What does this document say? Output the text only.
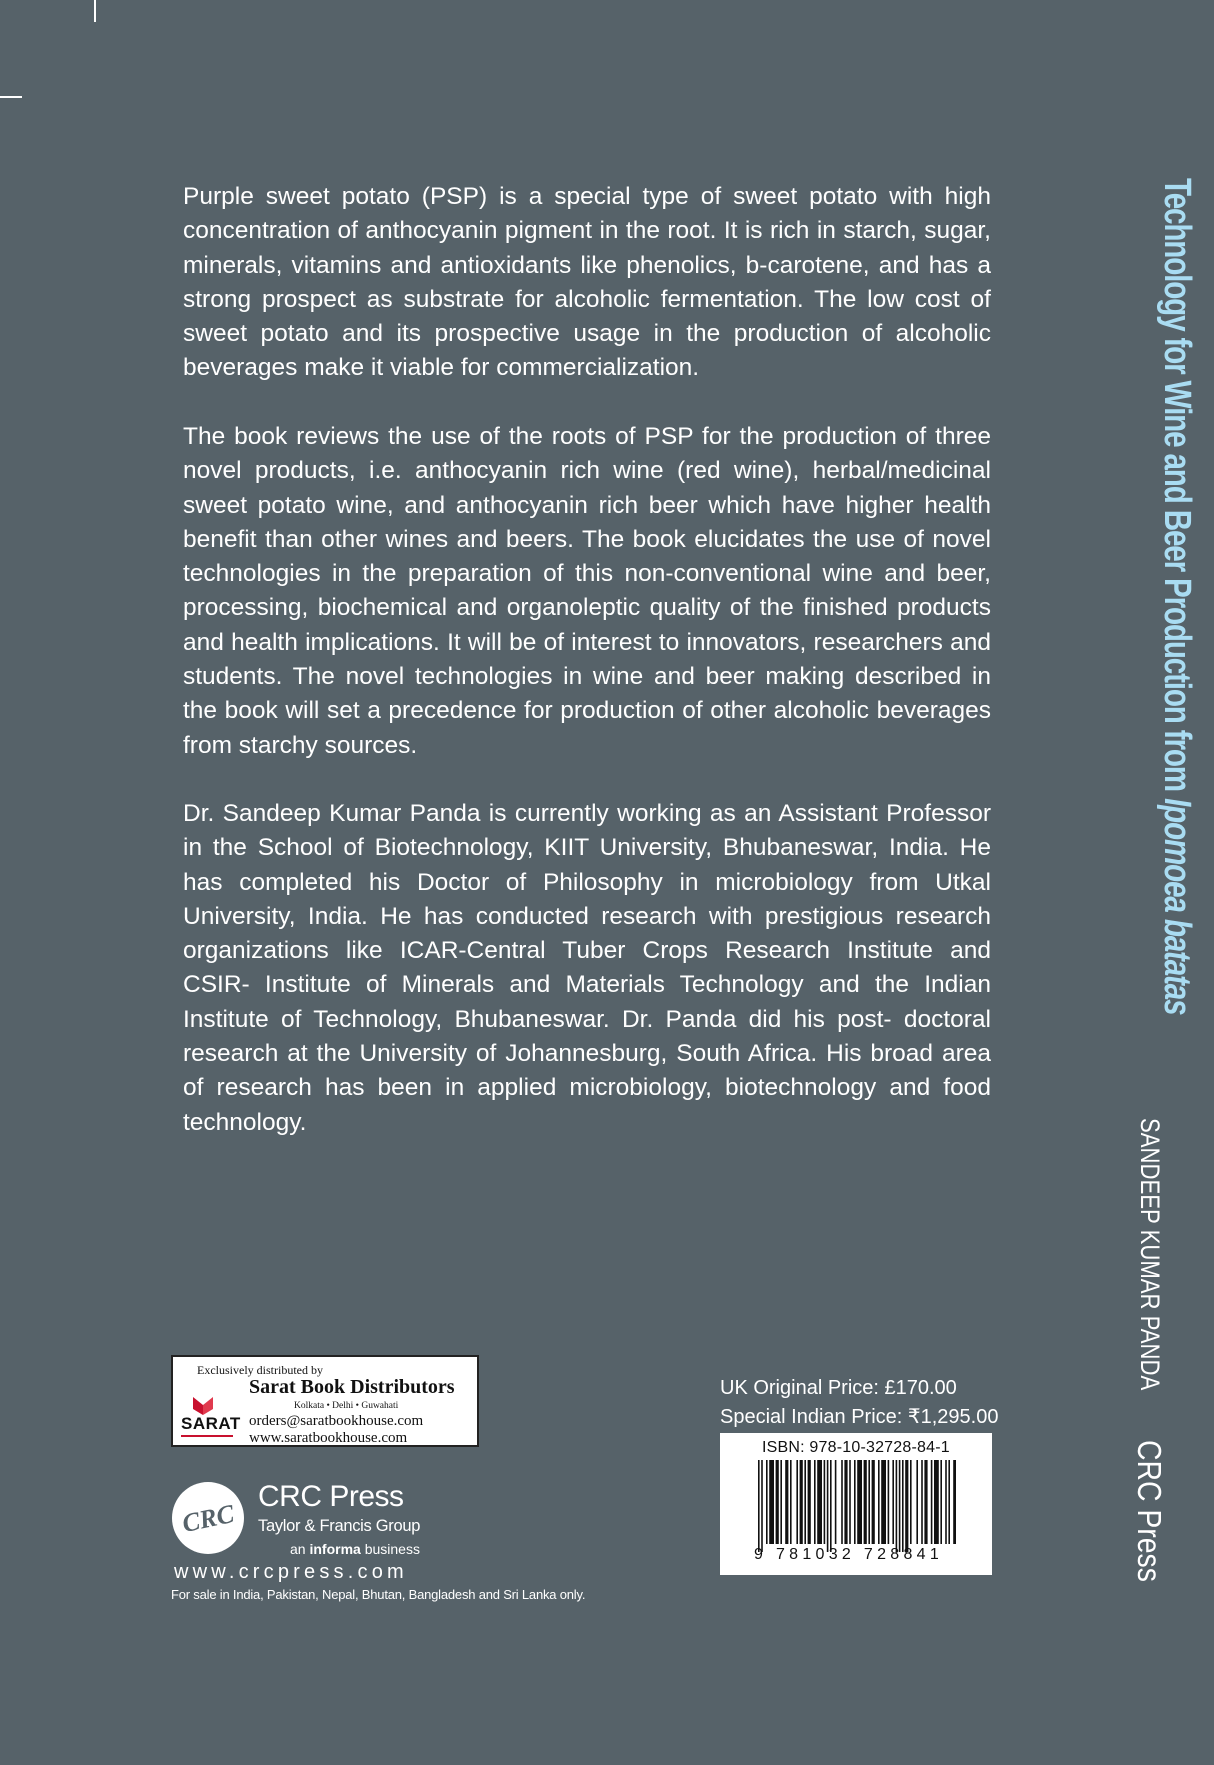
Purple sweet potato (PSP) is a special type of sweet potato with high concentration of anthocyanin pigment in the root. It is rich in starch, sugar, minerals, vitamins and antioxidants like phenolics, b-carotene, and has a strong prospect as substrate for alcoholic fermentation. The low cost of sweet potato and its prospective usage in the production of alcoholic beverages make it viable for commercialization.

The book reviews the use of the roots of PSP for the production of three novel products, i.e. anthocyanin rich wine (red wine), herbal/medicinal sweet potato wine, and anthocyanin rich beer which have higher health benefit than other wines and beers. The book elucidates the use of novel technologies in the preparation of this non-conventional wine and beer, processing, biochemical and organoleptic quality of the finished products and health implications. It will be of interest to innovators, researchers and students. The novel technologies in wine and beer making described in the book will set a precedence for production of other alcoholic beverages from starchy sources.

Dr. Sandeep Kumar Panda is currently working as an Assistant Professor in the School of Biotechnology, KIIT University, Bhubaneswar, India. He has completed his Doctor of Philosophy in microbiology from Utkal University, India. He has conducted research with prestigious research organizations like ICAR-Central Tuber Crops Research Institute and CSIR- Institute of Minerals and Materials Technology and the Indian Institute of Technology, Bhubaneswar. Dr. Panda did his post- doctoral research at the University of Johannesburg, South Africa. His broad area of research has been in applied microbiology, biotechnology and food technology.

Technology for Wine and Beer Production from Ipomoea batatas
SANDEEP KUMAR PANDA
CRC Press
Exclusively distributed by
SARAT
Sarat Book Distributors
Kolkata • Delhi • Guwahati
orders@saratbookhouse.com
www.saratbookhouse.com
CRC
CRC Press
Taylor & Francis Group
an informa business
www.crcpress.com
For sale in India, Pakistan, Nepal, Bhutan, Bangladesh and Sri Lanka only.
UK Original Price: £170.00
Special Indian Price: ₹1,295.00
ISBN: 978-10-32728-84-1
9 781032 728841
